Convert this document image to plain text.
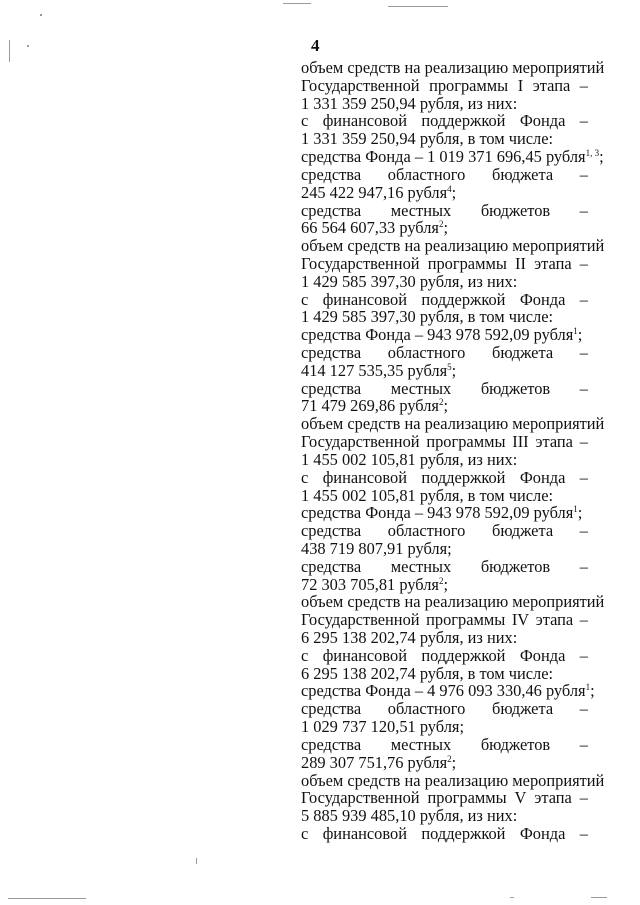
4
объем средств на реализацию мероприятий
Государственной программы I этапа –
1 331 359 250,94 рубля, из них:
с финансовой поддержкой Фонда –
1 331 359 250,94 рубля, в том числе:
средства Фонда – 1 019 371 696,45 рубля$^{1, 3}$;
средства областного бюджета –
245 422 947,16 рубля$^4$;
средства местных бюджетов –
66 564 607,33 рубля$^2$;
объем средств на реализацию мероприятий
Государственной программы II этапа –
1 429 585 397,30 рубля, из них:
с финансовой поддержкой Фонда –
1 429 585 397,30 рубля, в том числе:
средства Фонда – 943 978 592,09 рубля$^1$;
средства областного бюджета –
414 127 535,35 рубля$^5$;
средства местных бюджетов –
71 479 269,86 рубля$^2$;
объем средств на реализацию мероприятий
Государственной программы III этапа –
1 455 002 105,81 рубля, из них:
с финансовой поддержкой Фонда –
1 455 002 105,81 рубля, в том числе:
средства Фонда – 943 978 592,09 рубля$^1$;
средства областного бюджета –
438 719 807,91 рубля;
средства местных бюджетов –
72 303 705,81 рубля$^2$;
объем средств на реализацию мероприятий
Государственной программы IV этапа –
6 295 138 202,74 рубля, из них:
с финансовой поддержкой Фонда –
6 295 138 202,74 рубля, в том числе:
средства Фонда – 4 976 093 330,46 рубля$^1$;
средства областного бюджета –
1 029 737 120,51 рубля;
средства местных бюджетов –
289 307 751,76 рубля$^2$;
объем средств на реализацию мероприятий
Государственной программы V этапа –
5 885 939 485,10 рубля, из них:
с финансовой поддержкой Фонда –
